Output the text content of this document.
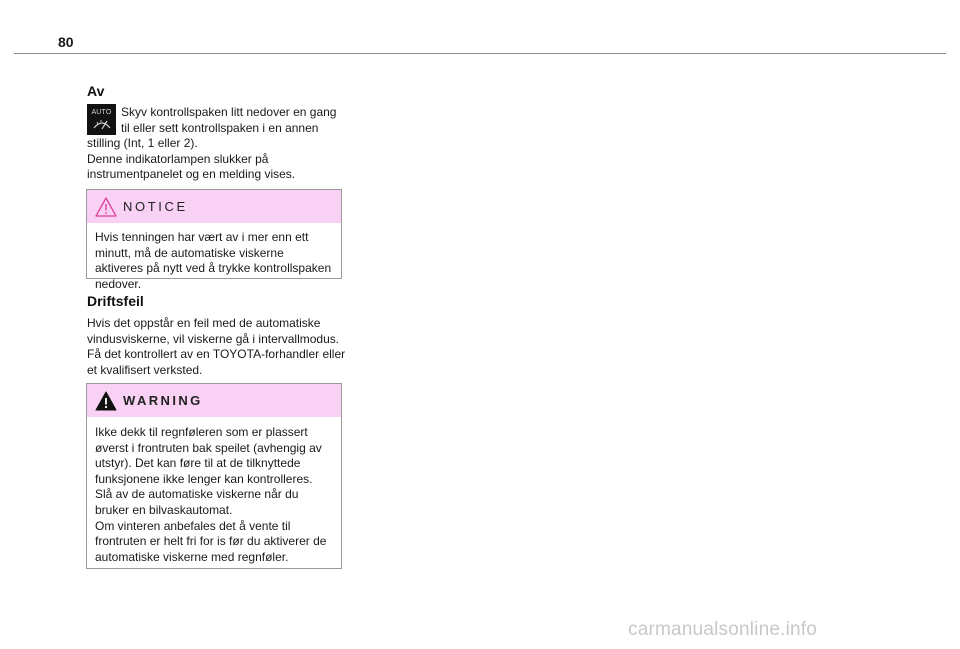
80
Av
AUTO Skyv kontrollspaken litt nedover en gang til eller sett kontrollspaken i en annen

stilling (Int, 1 eller 2).
Denne indikatorlampen slukker på instrumentpanelet og en melding vises.

NOTICE

Hvis tenningen har vært av i mer enn ett minutt, må de automatiske viskerne aktiveres på nytt ved å trykke kontrollspaken nedover.

Driftsfeil

Hvis det oppstår en feil med de automatiske vindusviskerne, vil viskerne gå i intervallmodus. Få det kontrollert av en TOYOTA-forhandler eller et kvalifisert verksted.

WARNING

Ikke dekk til regnføleren som er plassert øverst i frontruten bak speilet (avhengig av utstyr). Det kan føre til at de tilknyttede funksjonene ikke lenger kan kontrolleres.
Slå av de automatiske viskerne når du bruker en bilvaskautomat.
Om vinteren anbefales det å vente til frontruten er helt fri for is før du aktiverer de automatiske viskerne med regnføler.

carmanualsonline.info
